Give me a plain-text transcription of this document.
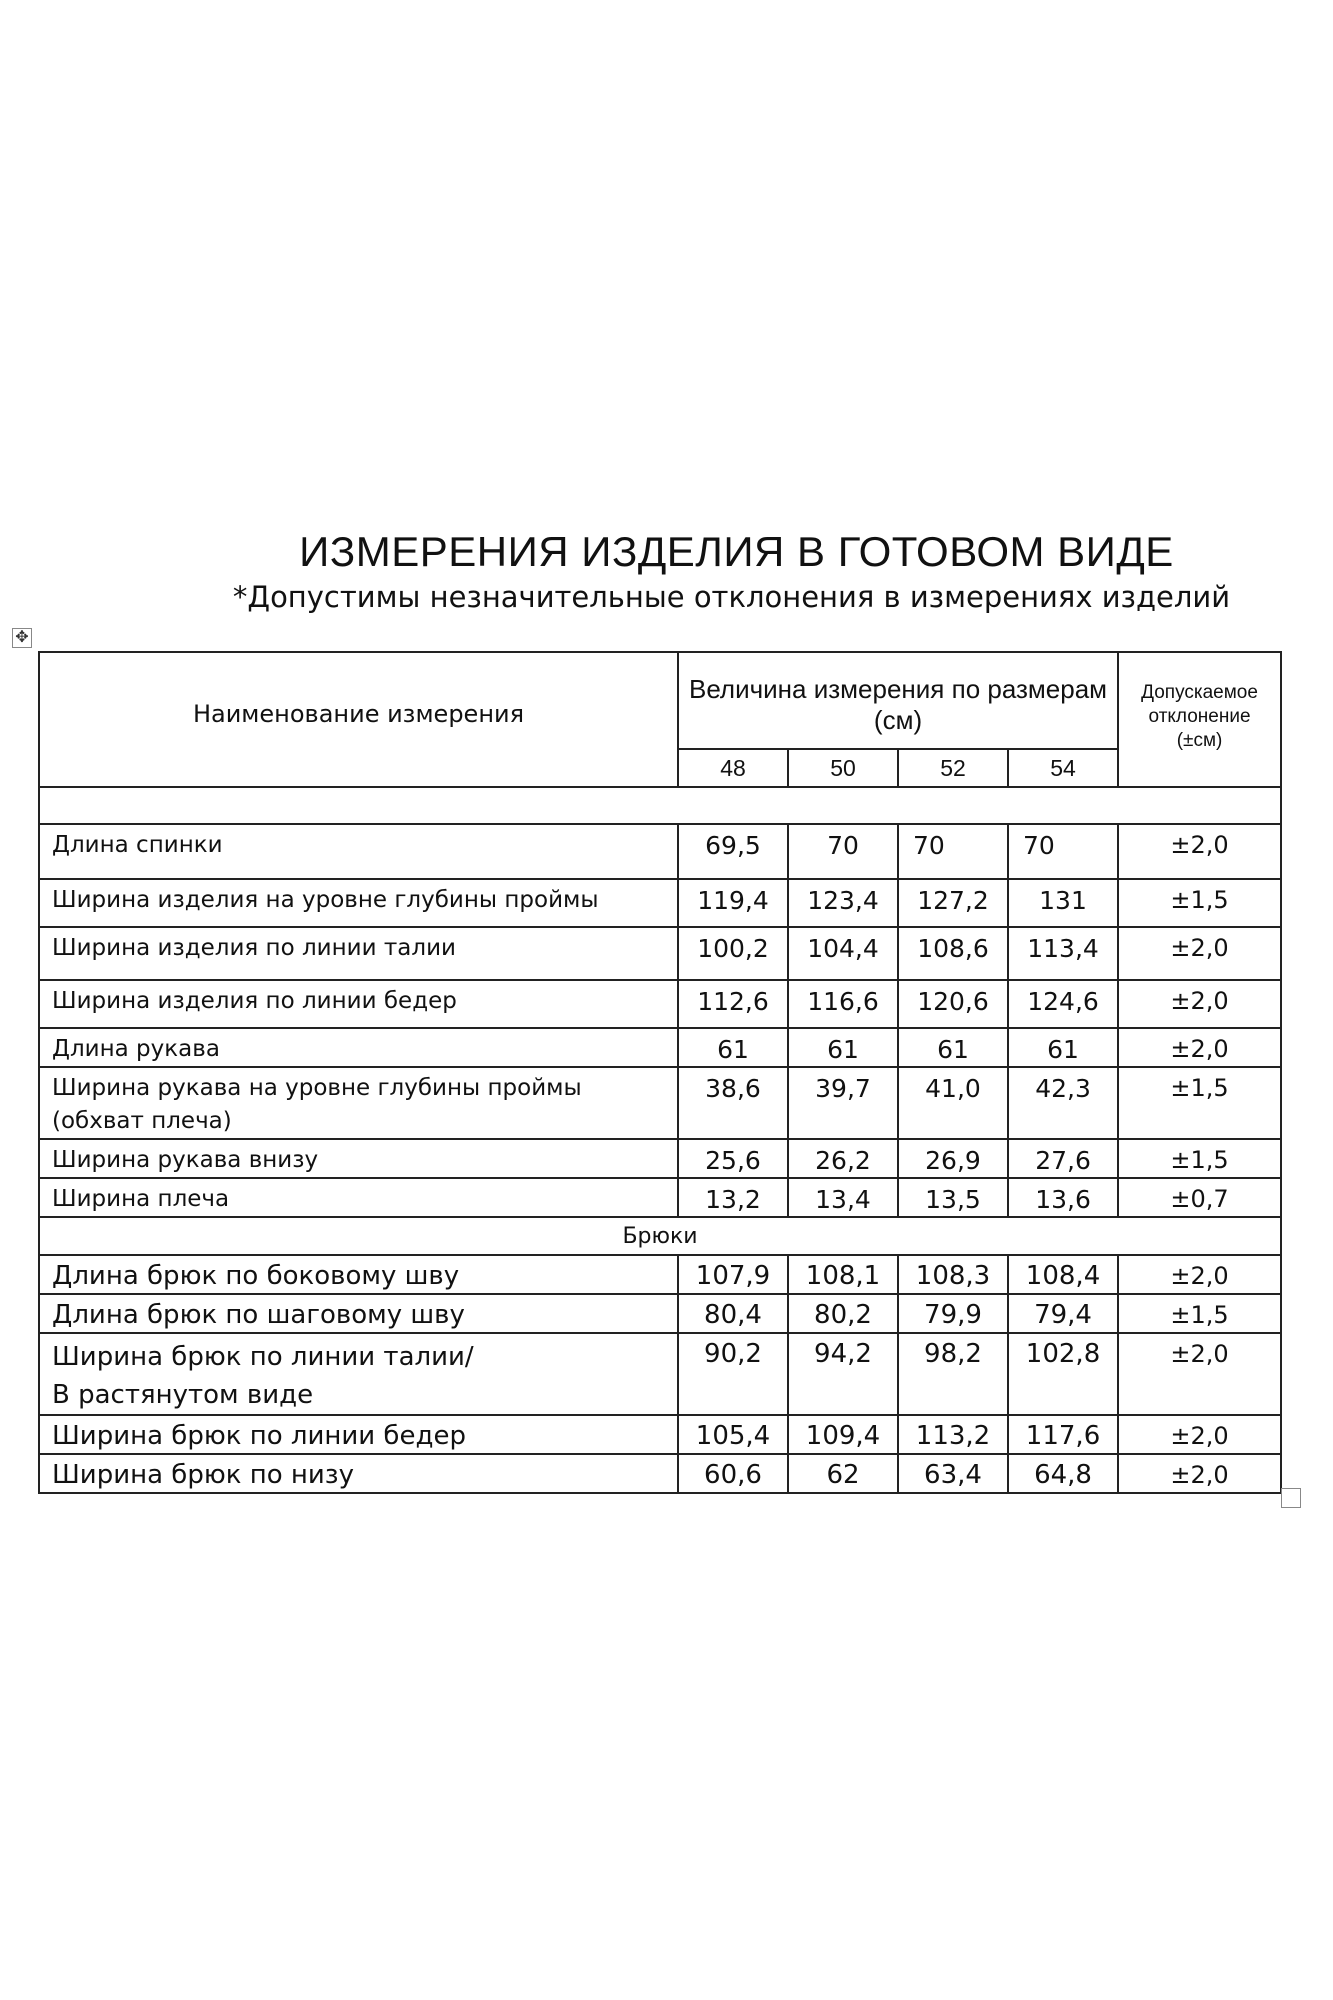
ИЗМЕРЕНИЯ ИЗДЕЛИЯ В ГОТОВОМ ВИДЕ

*Допустимы незначительные отклонения в измерениях изделий

✥
Наименование измерения	Величина измерения по размерам (см)				Допускаемое
отклонение
(±см)

	48	50	52	54	

Длина спинки	69,5	70	70	70	±2,0
Ширина изделия на уровне глубины проймы	119,4	123,4	127,2	131	±1,5
Ширина изделия по линии талии	100,2	104,4	108,6	113,4	±2,0
Ширина изделия по линии бедер	112,6	116,6	120,6	124,6	±2,0
Длина рукава	61	61	61	61	±2,0

Ширина рукава на уровне глубины проймы
(обхват плеча)	38,6	39,7	41,0	42,3	±1,5
Ширина рукава внизу	25,6	26,2	26,9	27,6	±1,5
Ширина плеча	13,2	13,4	13,5	13,6	±0,7
Брюки					
Длина брюк по боковому шву	107,9	108,1	108,3	108,4	±2,0
Длина брюк по шаговому шву	80,4	80,2	79,9	79,4	±1,5

Ширина брюк по линии талии/
В растянутом виде	90,2	94,2	98,2	102,8	±2,0
Ширина брюк по линии бедер	105,4	109,4	113,2	117,6	±2,0
Ширина брюк по низу	60,6	62	63,4	64,8	±2,0
